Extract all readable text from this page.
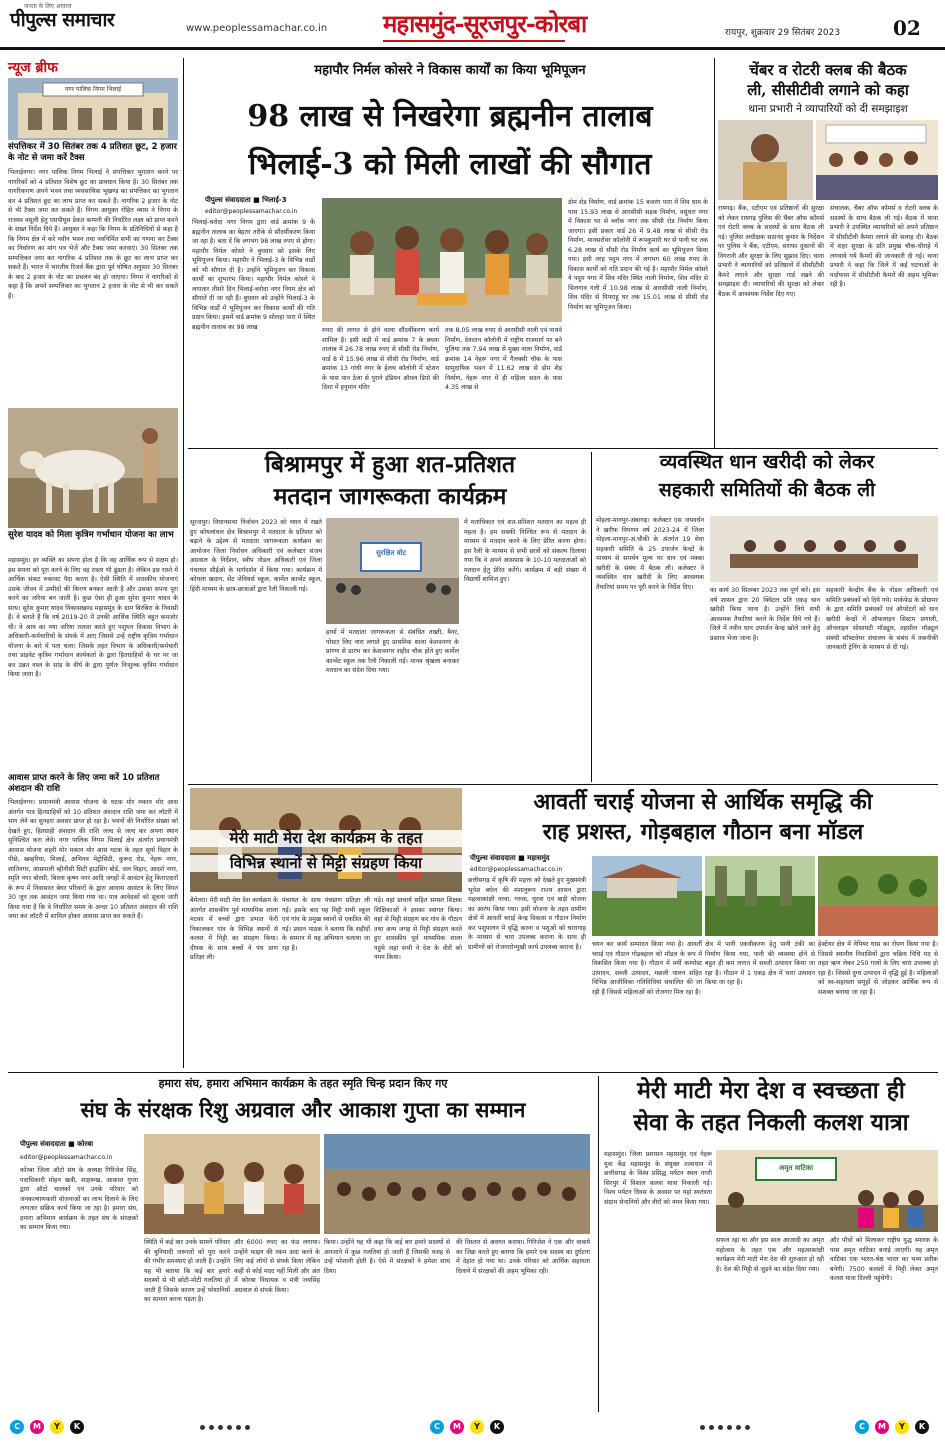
जनता के लिए आवाज
पीपुल्स समाचार	www.peoplessamachar.co.in महासमुंद-सूरजपुर-कोरबा	रायपुर, शुक्रवार 29 सितंबर 2023	02
न्यूज ब्रीफ
नगर पालिक निगम भिलाई
संपत्तिकर में 30 सितंबर तक 4 प्रतिशत छूट, 2 हजार के नोट से जमा करें टैक्स
भिलाईनगर। नगर पालिक निगम भिलाई ने संपत्तिकर भुगतान करने पर नागरिकों को 4 प्रतिशत विशेष छूट का प्रावधान किया है। 30 सितंबर तक नागरिकगण अपने भवन तथा व्यवसायिक भूखण्ड का संपत्तिकर का भुगतान कर 4 प्रतिशत छूट का लाभ प्राप्त कर सकते हैं। नागरिक 2 हजार के नोट से भी टैक्स जमा कर सकते हैं। निगम आयुक्त रोहित व्यास ने निगम के राजस्व वसूली हेतु एसपीयूस डेकत कम्पनी की निर्धारित लक्ष्य को प्राप्त करने के सख्त निर्देश दिये हैं। आयुक्त ने कहा कि निगम के प्रतिनिधियों से कहा है कि निगम क्षेत्र में करे नवीन भवन तथा नवनिर्मित सभी का गणना कर टैक्स का निर्धारण का मांग पत्र भेजें और टैक्स जमा करवाएं। 30 सितंबर तक सम्पत्तिकर जमा कर नागरिक 4 प्रतिशत तक के छूट का लाभ प्राप्त कर सकते हैं। भारत में भारतीय रिजर्व बैंक द्वारा पूर्व घोषित अनुसार 30 सितंबर के बाद 2 हजार के नोट का प्रचलन बंद हो जाएगा। निगम ने नागरिकों से कहा है कि अपने सम्पत्तिकर का भुगतान 2 हजार के नोट से भी कर सकते हैं।
सुरेश यादव को मिला कृत्रिम गर्भाधान योजना का लाभ
महासमुंद। हर व्यक्ति का सपना होता है कि वह आर्थिक रूप से सक्षम हो। इस सपना को पूरा करने के लिए वह रास्ता भी ढूंढता है। लेकिन इस रास्ते में आर्थिक संकट रुकावट पैदा करता है। ऐसी स्थिति में शासकीय योजनाएं उसके जीवन में उम्मीदों की किरण बनकर आती है और उसका सपना पूरा करने का जरिया बन जाती है। कुछ ऐसा ही हुआ सुरेश कुमार यादव के साथ। सुरेश कुमार यादव विकासखण्ड महासमुंद के ग्राम बिरबिरा के निवासी हैं। वे बताते हैं कि वर्ष 2019-20 में उनकी आर्थिक स्थिति बहुत कमजोर थी। वे आय का नया जरिया तलाश करते हुए पशुधन विकास विभाग के अधिकारी-कर्मचारियों के संपर्क में आए जिससे उन्हें राष्ट्रीय कृत्रिम गर्भाधान योजना के बारे में पता चला। जिसके तहत विभाग के अधिकारी/कर्मचारी तथा प्राइवेट कृत्रिम गर्भाधान कार्यकर्ता के द्वारा हितग्राहियों के घर पर जा कर उन्नत नस्ल के सांड के वीर्य के द्वारा पूर्णतः निःशुल्क कृत्रिम गर्भाधान किया जाता है।
आवास प्राप्त करने के लिए जमा करें 10 प्रतिशत अंशदान की राशि
भिलाईनगर। प्रधानमंत्री आवास योजना के घटक मोर मकान मोर आस अंतर्गत पात्र हितग्राहियों को 10 प्रतिशत अंशदान राशि जमा कर लॉटरी में भाग लेने का सुनहरा अवसर प्राप्त हो रहा है। भवनों की निर्धारित संख्या को देखते हुए, हितग्राही अंशदान की राशि जल्द से जल्द कर अपना स्थान सुनिश्चित करा लेवें। नगर पालिक निगम भिलाई क्षेत्र अंतर्गत प्रधानमंत्री आवास योजना शहरी मोर मकान मोर आस घटक के तहत सूर्या विहार के पीछे, खम्हरिया, मिलाई, अभिनव मेट्रोसिटी, कुरूद रोड, नेहरू नगर, शांतिनगर, आम्रपाली व्हीनीसी सिटी हाउसिंग बोर्ड, जल विहार, आदर्श नगर, स्मृति नगर बोरसी, बिरला कृष्ण नगर आदि जगहों में आवंटन हेतु किराएदारों के रूप में निवासरत बेघर परिवारों के द्वारा आवास आवंटन के लिए विगत 30 जून तक आवंटन जमा किया गया था। पात्र आवेदकों को सूचना जारी किया गया है कि वे निर्धारित समय के अन्दर 10 प्रतिशत अंशदान की राशि जमा कर लॉटरी में शामिल होकर आवास प्राप्त कर सकते हैं।
महापौर निर्मल कोसरे ने विकास कार्यों का किया भूमिपूजन
98 लाख से निखरेगा ब्रह्मनीन तालाब
भिलाई-3 को मिली लाखों की सौगात
पीपुल्स संवाददाता ■ भिलाई-3
editor@peoplessamachar.co.in
भिलाई-चरोदा नगर निगम द्वारा वार्ड क्रमांक 9 के ब्रह्मनीन तालाब का बेहतर तरीके से सौंदर्यीकरण किया जा रहा है। बता दें कि लगभग 98 लाख रुपए से होगा। महापौर निर्मल कोसरे ने बुधवार को इसके लिए भूमिपूजन किया। महापौर ने भिलाई-3 के विभिन्न वार्डों को भी सौगात दी है। उन्होंने भूमिपूजन कर विकास कार्यों का शुभारंभ किया। महापौर निर्मल कोसरे ने लगातार तीसरे दिन भिलाई-चरोदा नगर निगम क्षेत्र को सौगातें दी जा रही हैं। बुधवार को उन्होंने भिलाई-3 के विभिन्न वार्डों में भूमिपूजन कर विकास कार्यों की गति प्रदान किया। इसमें वार्ड क्रमांक 9 सोलहा पारा में स्थित ब्रह्मनीन तालाब का 98 लाख	रुपए की लागत से होने वाला सौंदर्यीकरण कार्य शामिल है। इसी कड़ी में वार्ड क्रमांक 7 के बघवा तालाब में 26.78 लाख रुपए से सीसी रोड निर्माण, वार्ड 8 में 15.96 लाख से सीसी रोड निर्माण, वार्ड क्रमांक 13 गांधी नगर के हेलथ कॉलोनी में स्टेशन के पास पान ठेला से पुराने इंडियन ऑयल डिपो की दिशा में हनुमान मंदिर
तक 8.05 लाख रुपए से आरसीसी नाली एवं पाथवे निर्माण, देवरतन कॉलोनी में राष्ट्रीय राजमार्ग पर बने पुलिया तक 7.94 लाख से मुख्य नाला निर्माण, वार्ड क्रमांक 14 नेहरू नगर में गैलक्सी चौक के पास सामुदायिक भवन में 11.62 लाख से डोम शेड निर्माण, नेहरू नगर में ही महिला सदन के पास 4.35 लाख से
डोम शेड निर्माण, वार्ड क्रमांक 15 बजरंग पारा में शिव धाम के पास 15.93 लाख से आरसीसी सड़क निर्माण, वसुंधरा नगर में विकास घर से ब्लॉक नगर तक सीसी रोड निर्माण किया जाएगा। इसी प्रकार वार्ड 26 में 9.48 लाख से सीसी रोड निर्माण, मानसरोवर कॉलोनी में रूपकुमारी घर से पानी घर तक 6.28 लाख से सीसी रोड निर्माण कार्य का भूमिपूजन किया गया। इसी तरह पदुम नगर में लगभग 60 लाख रुपए के विकास कार्यों को गति प्रदान की गई है। महापौर निर्मल कोसरे ने पदुम नगर में शिव मंदिर स्थित नाली निर्माण, शिव मंदिर से सिलगाव गली में 10.98 लाख से आरसीसी नाली निर्माण, शिव मंदिर से पिपराहू घर तक 15.01 लाख से सीसी रोड निर्माण का भूमिपूजन किया।
चेंबर व रोटरी क्लब की बैठक
ली, सीसीटीवी लगाने को कहा
थाना प्रभारी ने व्यापारियों को दी समझाइश
रायगढ़। बैंक, एटीएम एवं प्रतिष्ठानों की सुरक्षा को लेकर रायगढ़ पुलिस की चैंबर ऑफ कॉमर्स एवं रोटरी क्लब के सदस्यों के साथ बैठक ली गई। पुलिस अधीक्षक सदानंद कुमार के निर्देशन पर पुलिस ने बैंक, एटीएम, सराफा दुकानों की निगरानी और सुरक्षा के लिए सुझाव दिए। थाना प्रभारी ने व्यापारियों को प्रतिष्ठानों में सीसीटीवी कैमरे लगाने और सुरक्षा गार्ड रखने की समझाइश दी। व्यापारियों की सुरक्षा को लेकर बैठक में आवश्यक निर्देश दिए गए।
संचालक, चैंबर ऑफ कॉमर्स व रोटरी क्लब के सदस्यों के साथ बैठक ली गई। बैठक में थाना प्रभारी ने उपस्थित व्यापारियों को अपने प्रतिष्ठान में सीसीटीवी कैमरा लगाने की सलाह दी। बैठक में शहर सुरक्षा के प्रति प्रमुख चौक-चौराहे में लगवाये गये कैमरों की जानकारी दी गई। थाना प्रभारी ने कहा कि जिले में कई घटनाओं के पर्दाफाश में सीसीटीवी कैमरों की अहम भूमिका रही है।
बिश्रामपुर में हुआ शत-प्रतिशत
मतदान जागरूकता कार्यक्रम
सूरजपुर। विधानसभा निर्वाचन 2023 को ध्यान में रखते हुए कोयलांचल क्षेत्र बिश्रामपुर में मतदाता के प्रतिशत को बढ़ाने के उद्देश्य से मतदाता जागरूकता कार्यक्रम का आयोजन जिला निर्वाचन अधिकारी एवं कलेक्टर संजय अग्रवाल के निर्देशन, स्वीप नोडल अधिकारी एवं जिला पंचायत सीईओ के मार्गदर्शन में किया गया। कार्यक्रम में कोयला खदान, सेंट जेवियर्स स्कूल, कार्मेल कान्वेंट स्कूल, हिंदी माध्यम के छात्र-छात्राओं द्वारा रैली निकाली गई।
सुरक्षित वोट
हाथों में मतदाता जागरूकता से संबंधित तख्ती, बैनर, पोस्टर लिए नारा लगाते हुए प्राथमिक शाला केशवनगर के प्रांगण से प्रारंभ कर केशवनगर शहीद चौक होते हुए कार्मेल कान्वेंट स्कूल तक रैली निकाली गई। मानव श्रृंखला बनाकर मतदान का संदेश दिया गया।
में मतांधिकार एवं शत-प्रतिशत मतदान का महत्व ही महत्व है। हम सबकी निश्चित रूप से मतदान के माध्यम से मतदान करने के लिए प्रेरित करना होगा। इस रैली के माध्यम से सभी छात्रों को संकल्प दिलाया गया कि वे अपने आसपास के 10-10 मतदाताओं को मतदान हेतु प्रेरित करेंगे। कार्यक्रम में बड़ी संख्या में विद्यार्थी शामिल हुए।
व्यवस्थित धान खरीदी को लेकर
सहकारी समितियों की बैठक ली
मोहला-मानपुर-अंबागढ़। कलेक्टर एस जयवर्धन ने खरीफ विपणन वर्ष 2023-24 में जिला मोहला-मानपुर-अं.चौकी के अंतर्गत 19 सेवा सहकारी समिति के 25 उपार्जन केन्द्रों के माध्यम से समर्थन मूल्य पर धान एवं मक्का खरीदी के संबंध में बैठक ली। कलेक्टर ने व्यवस्थित धान खरीदी के लिए आवश्यक तैयारियां समय पर पूरी करने के निर्देश दिए।	का कार्य 30 सितम्बर 2023 तक पूर्ण करें। इस वर्ष शासन द्वारा 20 क्विंटल प्रति एकड़ धान खरीदी किया जाना है। उन्होंने लिये सभी आवश्यक तैयारियां करने के निर्देश दिये गये हैं। जिले में नवीन धान उपार्जन केन्द्र खोले जाने हेतु प्रस्ताव भेजा जाना है।
सहकारी केन्द्रीय बैंक के नोडल अधिकारी एवं समिति प्रबंधकों को दिये गये। मार्कफेड के प्रोग्रामर के द्वारा समिति प्रबंधकों एवं ऑपरेटरों को धान खरीदी केन्द्रों में ऑफलाइन सिस्टम प्रणाली, ऑनलाइन सोसायटी मॉड्यूल, तहसील मॉड्यूल संबंधी सॉफ्टवेयर संचालन के संबंध में तकनीकी जानकारी ट्रेनिंग के माध्यम से दी गई।
आवर्ती चराई योजना से आर्थिक समृद्धि की
राह प्रशस्त, गोड़बहाल गौठान बना मॉडल
पीपुल्स संवाददाता ■ महासमुंद
editor@peoplessamachar.co.in
छत्तीसगढ़ में कृषि की महत्ता को देखते हुए मुख्यमंत्री भूपेश बघेल की मंशानुरूप राज्य शासन द्वारा महत्वाकांक्षी नरवा, गरुवा, घुरवा एवं बाड़ी योजना का आरंभ किया गया। इसी योजना के तहत ग्रामीण क्षेत्रों में आवर्ती चराई केन्द्र विकास व गौठान निर्माण कर पशुपालन में वृद्धि करना व पशुओं को चारागाह के माध्यम से चारा उपलब्ध कराना के साथ ही ग्रामीणों को रोजगारोन्मुखी कार्य उपलब्ध कराना है।	चयन कर कार्य सम्पादन किया गया है। आवर्ती चराई एवं गौठान गोड़बहाल को मॉडल के रूप में विकसित किया गया है। गौठान में वर्मी कम्पोस्ट उत्पादन, सब्जी उत्पादन, मछली पालन सहित विभिन्न आजीविका गतिविधियां संचालित की जा रही हैं जिससे महिलाओं को रोजगार मिल रहा है।
क्षेत्र में पानी एकत्रीकरण हेतु पानी टंकी का निर्माण किया गया, पानी की व्यवस्था होने से बहुत ही कम लागत में सब्जी उत्पादन किया जा रहा है। गौठान में 1 एकड़ क्षेत्र में चारा उत्पादन किया जा रहा है।
हेक्टेयर क्षेत्र में नेपियर घास का रोपण किया गया है। जिससे स्थानीय निवासियों द्वारा चक्रिय निधि मद से तहत ऋण लेकर 250 गायों के लिए चारा उपलब्ध हो रहा है। जिससे दुग्ध उत्पादन में वृद्धि हुई है। महिलाओं को स्व-सहायता समूहों से जोड़कर आर्थिक रूप से सशक्त बनाया जा रहा है।
मेरी माटी मेरा देश कार्यक्रम के तहत
विभिन्न स्थानों से मिट्टी संग्रहण किया
बेमेतरा। मेरी माटी मेरा देश कार्यक्रम के अंतर्गत शासकीय पूर्व माध्यमिक शाला मटका में बच्चों द्वारा प्रभात फेरी निकालकर गांव के विभिन्न स्थानों से कलश में मिट्टी का संग्रहण किया। दीपक के साथ बच्चों ने पंच प्राण प्रतिज्ञा ली।
पंचायत के साथ पंचप्राण प्रतिज्ञा ली गई। इसके बाद यह मिट्टी सभी स्कूल एवं गांव के प्रमुख स्थानों से एकत्रित की गई। प्रधान पाठक ने बताया कि शहीदों के सम्मान में यह अभियान चलाया जा रहा है।
पड़े। वहां प्राचार्य सहित समस्त शिक्षक शिक्षिकाओं ने इसका स्वागत किया। वहां से मिट्टी संग्रहण कर गांव के गौठान तथा अन्य जगह से मिट्टी संग्रहण करते हुए शासकीय पूर्व माध्यमिक शाला पहुंचे जहां सभी ने देश के वीरों को नमन किया।
हमारा संघ, हमारा अभिमान कार्यक्रम के तहत स्मृति चिन्ह प्रदान किए गए
संघ के संरक्षक रिशु अग्रवाल और आकाश गुप्ता का सम्मान
पीपुल्स संवाददाता ■ कोरबा
editor@peoplessamachar.co.in
कोरबा जिला ऑटो संघ के अध्यक्ष गिरिजेश सिंह, पदाधिकारी मोहन खत्री, शाहरूख, आकाश गुप्ता द्वारा ऑटो चालकों एवं उनके परिवार को जनकल्याणकारी योजनाओं का लाभ दिलाने के लिए लगातार सक्रिय कार्य किया जा रहा है। हमारा संघ, हमारा अभिमान कार्यक्रम के तहत संघ के संरक्षकों का सम्मान किया गया।
स्थिति में कई बार उनके सामने परिवार की बुनियादी जरूरतों को पूरा करने की गंभीर समस्याएं हो जाती हैं। उन्होंने यह भी बताया कि कई बार हमारे सदस्यों से भी छोटी-मोटी गलतियां हो जाती हैं जिसके कारण उन्हें परेशानियों का सामना करना पड़ता है।
और 6000 रुपए का फंड लगाया। उन्होंने फाइन की रकम अदा करने के लिए कई लोगों से संपर्क किया लेकिन कहीं से कोई मदद नहीं मिली और अंत में कोरबा विधायक व मंत्री जयसिंह अग्रवाल से संपर्क किया।
किया। उन्होंने यह भी कहा कि कई बार हमारे सदस्यों से अनजाने में कुछ गलतियां हो जाती हैं जिसकी वजह से उन्हें परेशानी होती है। ऐसे में संरक्षकों ने हमेशा साथ दिया।
की विस्तार से अवगत कराया। गिरिजेश ने एक और वाकये का जिक्र करते हुए बताया कि हमारे एक सदस्य का दुर्घटना में देहांत हो गया था। उनके परिवार को आर्थिक सहायता दिलाने में संरक्षकों की अहम भूमिका रही।
मेरी माटी मेरा देश व स्वच्छता ही
सेवा के तहत निकली कलश यात्रा
महासमुंद। जिला प्रशासन महासमुंद एवं नेहरू युवा केंद्र महासमुंद के संयुक्त तत्वाधान में छत्तीसगढ़ के विश्व प्रसिद्ध पर्यटन स्थल नगरी सिरपुर में विशाल कलश यात्रा निकाली गई। विश्व पर्यटन दिवस के अवसर पर यहां स्वतंत्रता संग्राम सेनानियों और वीरों को नमन किया गया।
अमृत वाटिका
सफल रहा था और इस साल आजादी का अमृत महोत्सव के तहत एक और महत्वाकांक्षी कार्यक्रम मेरी माटी मेरा देश की शुरुआत हो रही है। देश की मिट्टी से जुड़ने का संदेश दिया गया।
और पौधों को मिलाकर राष्ट्रीय युद्ध स्मारक के पास अमृत वाटिका बनाई जाएगी। यह अमृत वाटिका एक भारत-श्रेष्ठ भारत का भव्य प्रतीक बनेगी। 7500 कलशों में मिट्टी लेकर अमृत कलश यात्रा दिल्ली पहुंचेगी।
C	M	Y	K	C	M	Y	K	C	M	Y	K
